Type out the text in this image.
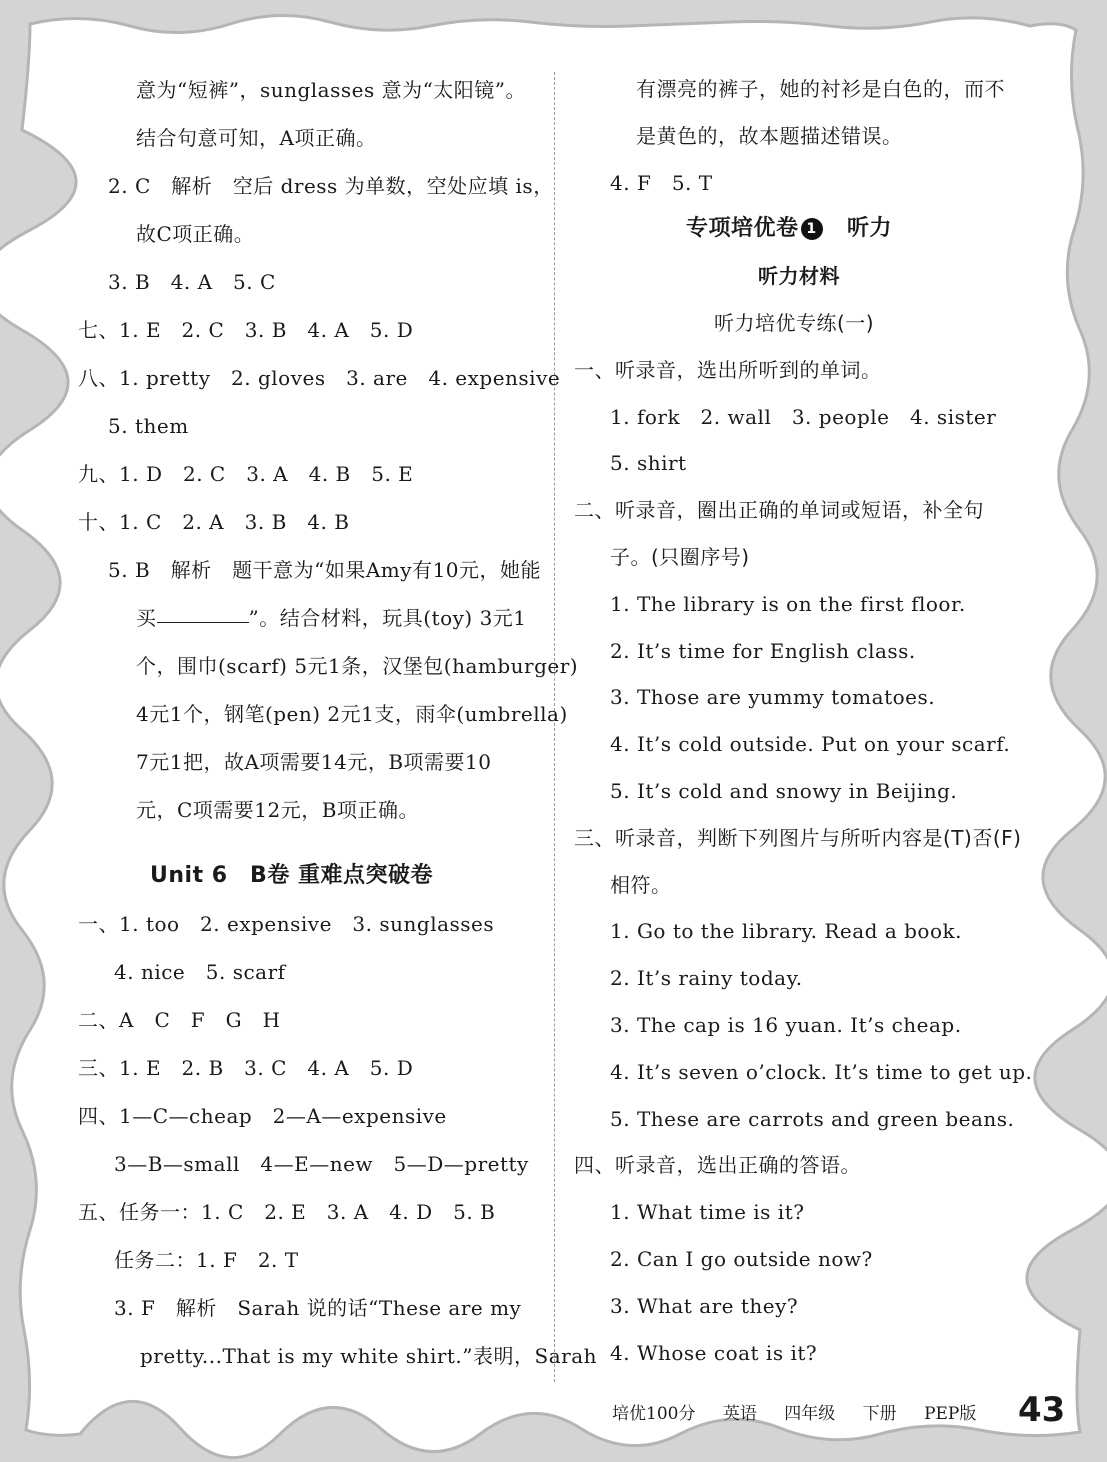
意为“短裤”，sunglasses 意为“太阳镜”。
结合句意可知，A项正确。
2. C　解析　空后 dress 为单数，空处应填 is，
故C项正确。
3. B　4. A　5. C
七、1. E　2. C　3. B　4. A　5. D
八、1. pretty　2. gloves　3. are　4. expensive
5. them
九、1. D　2. C　3. A　4. B　5. E
十、1. C　2. A　3. B　4. B
5. B　解析　题干意为“如果Amy有10元，她能
买	”。结合材料，玩具(toy) 3元1
个，围巾(scarf) 5元1条，汉堡包(hamburger)
4元1个，钢笔(pen) 2元1支，雨伞(umbrella)
7元1把，故A项需要14元，B项需要10
元，C项需要12元，B项正确。
Unit 6　B卷 重难点突破卷
一、1. too　2. expensive　3. sunglasses
4. nice　5. scarf
二、A　C　F　G　H
三、1. E　2. B　3. C　4. A　5. D
四、1—C—cheap　2—A—expensive
3—B—small　4—E—new　5—D—pretty
五、任务一：1. C　2. E　3. A　4. D　5. B
任务二：1. F　2. T
3. F　解析　Sarah 说的话“These are my
pretty...That is my white shirt.”表明，Sarah
有漂亮的裤子，她的衬衫是白色的，而不
是黄色的，故本题描述错误。
4. F　5. T
专项培优卷 1　 听力
听力材料
听力培优专练(一)
一、听录音，选出所听到的单词。
1. fork　2. wall　3. people　4. sister
5. shirt
二、听录音，圈出正确的单词或短语，补全句
子。(只圈序号)
1. The library is on the first floor.
2. It’s time for English class.
3. Those are yummy tomatoes.
4. It’s cold outside. Put on your scarf.
5. It’s cold and snowy in Beijing.
三、听录音，判断下列图片与所听内容是(T)否(F)
相符。
1. Go to the library. Read a book.
2. It’s rainy today.
3. The cap is 16 yuan. It’s cheap.
4. It’s seven o’clock. It’s time to get up.
5. These are carrots and green beans.
四、听录音，选出正确的答语。
1. What time is it?
2. Can I go outside now?
3. What are they?
4. Whose coat is it?
培优100分 英语 四年级 下册 PEP版	43
